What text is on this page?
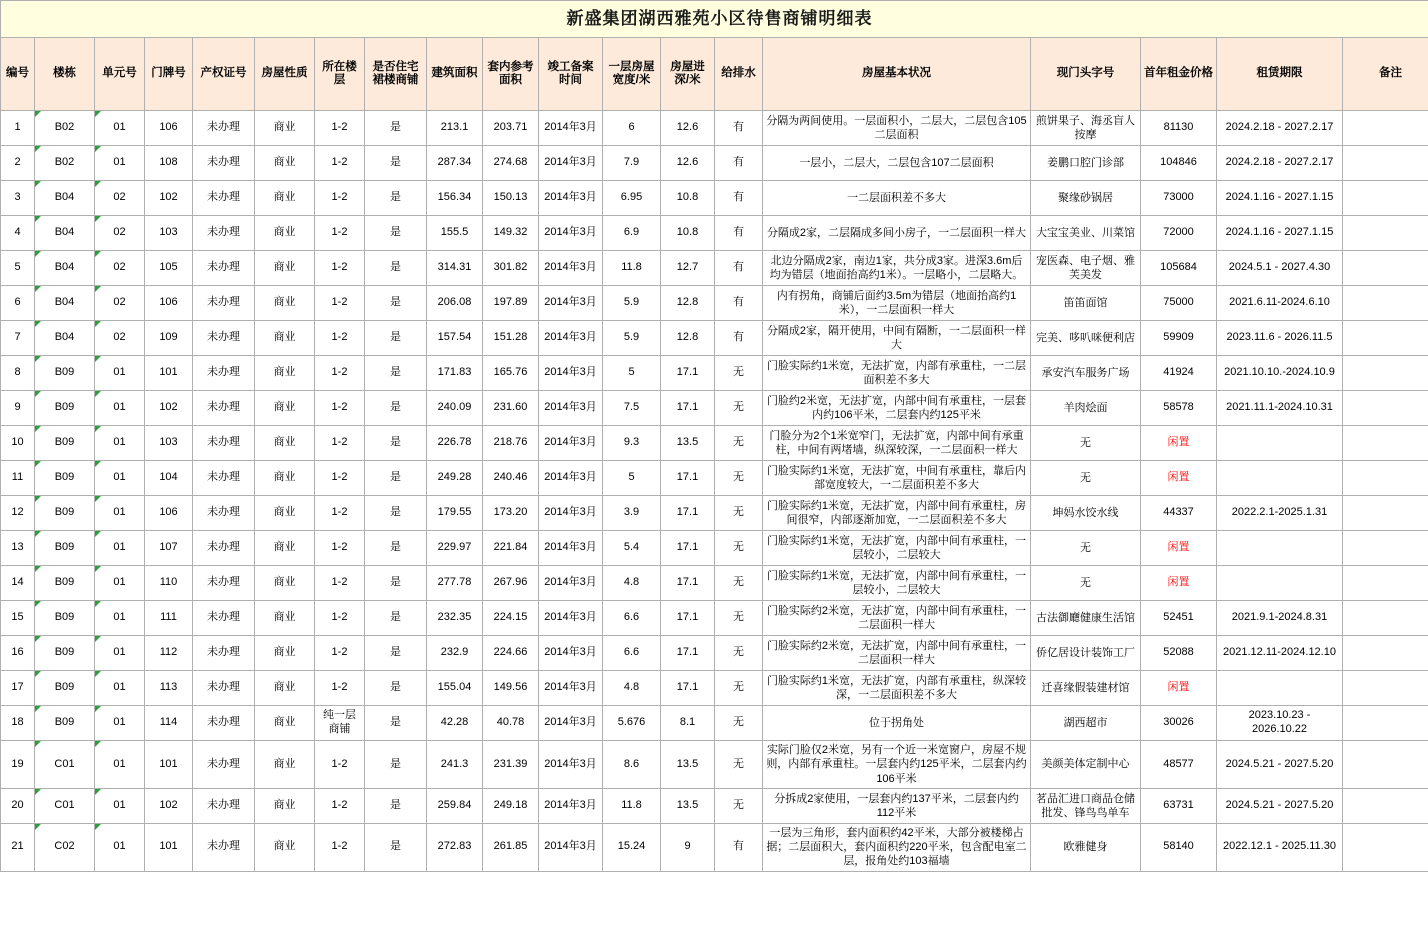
新盛集团湖西雅苑小区待售商铺明细表																		
编号	楼栋	单元号	门牌号	产权证号	房屋性质	所在楼层	是否住宅裙楼商铺	建筑面积	套内参考面积	竣工备案时间	一层房屋宽度/米	房屋进深/米	给排水	房屋基本状况	现门头字号	首年租金价格	租赁期限	备注
1	B02	01	106	未办理	商业	1-2	是	213.1	203.71	2014年3月	6	12.6	有	分隔为两间使用。一层面积小，二层大，二层包含105二层面积	煎饼果子、海丞盲人按摩	81130	2024.2.18 - 2027.2.17	
2	B02	01	108	未办理	商业	1-2	是	287.34	274.68	2014年3月	7.9	12.6	有	一层小，二层大，二层包含107二层面积	姜鹏口腔门诊部	104846	2024.2.18 - 2027.2.17	
3	B04	02	102	未办理	商业	1-2	是	156.34	150.13	2014年3月	6.95	10.8	有	一二层面积差不多大	聚缘砂锅居	73000	2024.1.16 - 2027.1.15	
4	B04	02	103	未办理	商业	1-2	是	155.5	149.32	2014年3月	6.9	10.8	有	分隔成2家，二层隔成多间小房子，一二层面积一样大	大宝宝美业、川菜馆	72000	2024.1.16 - 2027.1.15	
5	B04	02	105	未办理	商业	1-2	是	314.31	301.82	2014年3月	11.8	12.7	有	北边分隔成2家，南边1家，共分成3家。进深3.6m后均为错层（地面抬高约1米）。一层略小，二层略大。	宠医森、电子烟、雅芙美发	105684	2024.5.1 - 2027.4.30	
6	B04	02	106	未办理	商业	1-2	是	206.08	197.89	2014年3月	5.9	12.8	有	内有拐角，商铺后面约3.5m为错层（地面抬高约1米），一二层面积一样大	笛笛面馆	75000	2021.6.11-2024.6.10	
7	B04	02	109	未办理	商业	1-2	是	157.54	151.28	2014年3月	5.9	12.8	有	分隔成2家，隔开使用，中间有隔断，一二层面积一样大	完美、哆叭咪便利店	59909	2023.11.6 - 2026.11.5	
8	B09	01	101	未办理	商业	1-2	是	171.83	165.76	2014年3月	5	17.1	无	门脸实际约1米宽，无法扩宽，内部有承重柱，一二层面积差不多大	承安汽车服务广场	41924	2021.10.10.-2024.10.9	
9	B09	01	102	未办理	商业	1-2	是	240.09	231.60	2014年3月	7.5	17.1	无	门脸约2米宽，无法扩宽，内部中间有承重柱，一层套内约106平米，二层套内约125平米	羊肉烩面	58578	2021.11.1-2024.10.31	
10	B09	01	103	未办理	商业	1-2	是	226.78	218.76	2014年3月	9.3	13.5	无	门脸分为2个1米宽窄门，无法扩宽，内部中间有承重柱，中间有两堵墙，纵深较深，一二层面积一样大	无	闲置		
11	B09	01	104	未办理	商业	1-2	是	249.28	240.46	2014年3月	5	17.1	无	门脸实际约1米宽，无法扩宽，中间有承重柱，靠后内部宽度较大，一二层面积差不多大	无	闲置		
12	B09	01	106	未办理	商业	1-2	是	179.55	173.20	2014年3月	3.9	17.1	无	门脸实际约1米宽，无法扩宽，内部中间有承重柱，房间很窄，内部逐渐加宽，一二层面积差不多大	坤妈水饺水线	44337	2022.2.1-2025.1.31	
13	B09	01	107	未办理	商业	1-2	是	229.97	221.84	2014年3月	5.4	17.1	无	门脸实际约1米宽，无法扩宽，内部中间有承重柱，一层较小，二层较大	无	闲置		
14	B09	01	110	未办理	商业	1-2	是	277.78	267.96	2014年3月	4.8	17.1	无	门脸实际约1米宽，无法扩宽，内部中间有承重柱，一层较小，二层较大	无	闲置		
15	B09	01	111	未办理	商业	1-2	是	232.35	224.15	2014年3月	6.6	17.1	无	门脸实际约2米宽，无法扩宽，内部中间有承重柱，一二层面积一样大	古法御廰健康生活馆	52451	2021.9.1-2024.8.31	
16	B09	01	112	未办理	商业	1-2	是	232.9	224.66	2014年3月	6.6	17.1	无	门脸实际约2米宽，无法扩宽，内部中间有承重柱，一二层面积一样大	侨亿居设计装饰工厂	52088	2021.12.11-2024.12.10	
17	B09	01	113	未办理	商业	1-2	是	155.04	149.56	2014年3月	4.8	17.1	无	门脸实际约1米宽，无法扩宽，内部有承重柱，纵深较深，一二层面积差不多大	迁喜缘假装建材馆	闲置		
18	B09	01	114	未办理	商业	纯一层商铺	是	42.28	40.78	2014年3月	5.676	8.1	无	位于拐角处	湖西超市	30026	2023.10.23 - 2026.10.22	
19	C01	01	101	未办理	商业	1-2	是	241.3	231.39	2014年3月	8.6	13.5	无	实际门脸仅2米宽，另有一个近一米宽窗户，房屋不规则，内部有承重柱。一层套内约125平米，二层套内约106平米	美颜美体定制中心	48577	2024.5.21 - 2027.5.20	
20	C01	01	102	未办理	商业	1-2	是	259.84	249.18	2014年3月	11.8	13.5	无	分拆成2家使用，一层套内约137平米，二层套内约112平米	茗品汇进口商品仓储批发、锋鸟鸟单车	63731	2024.5.21 - 2027.5.20	
21	C02	01	101	未办理	商业	1-2	是	272.83	261.85	2014年3月	15.24	9	有	一层为三角形，套内面积约42平米，大部分被楼梯占据；二层面积大，套内面积约220平米，包含配电室二层，报角处约103福墙	欧雅健身	58140	2022.12.1 - 2025.11.30	
